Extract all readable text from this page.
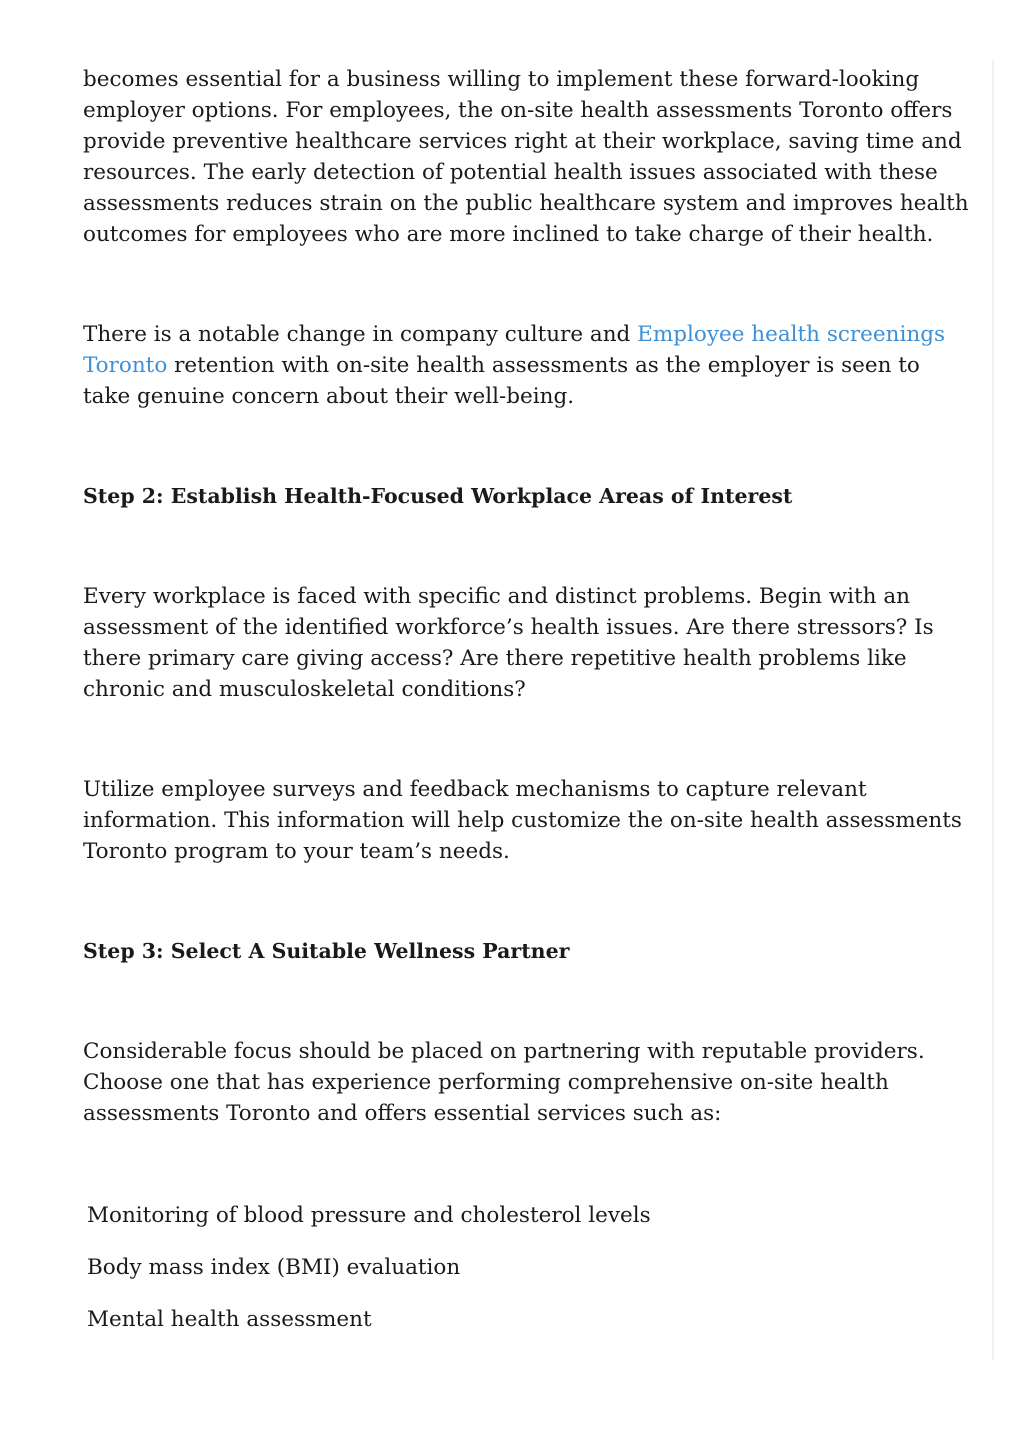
becomes essential for a business willing to implement these forward-looking employer options. For employees, the on-site health assessments Toronto offers provide preventive healthcare services right at their workplace, saving time and resources. The early detection of potential health issues associated with these assessments reduces strain on the public healthcare system and improves health outcomes for employees who are more inclined to take charge of their health.

There is a notable change in company culture and Employee health screenings Toronto retention with on-site health assessments as the employer is seen to take genuine concern about their well-being.

Step 2: Establish Health-Focused Workplace Areas of Interest

Every workplace is faced with specific and distinct problems. Begin with an assessment of the identified workforce’s health issues. Are there stressors? Is there primary care giving access? Are there repetitive health problems like chronic and musculoskeletal conditions?

Utilize employee surveys and feedback mechanisms to capture relevant information. This information will help customize the on-site health assessments Toronto program to your team’s needs.

Step 3: Select A Suitable Wellness Partner

Considerable focus should be placed on partnering with reputable providers. Choose one that has experience performing comprehensive on-site health assessments Toronto and offers essential services such as:

Monitoring of blood pressure and cholesterol levels
Body mass index (BMI) evaluation
Mental health assessment
